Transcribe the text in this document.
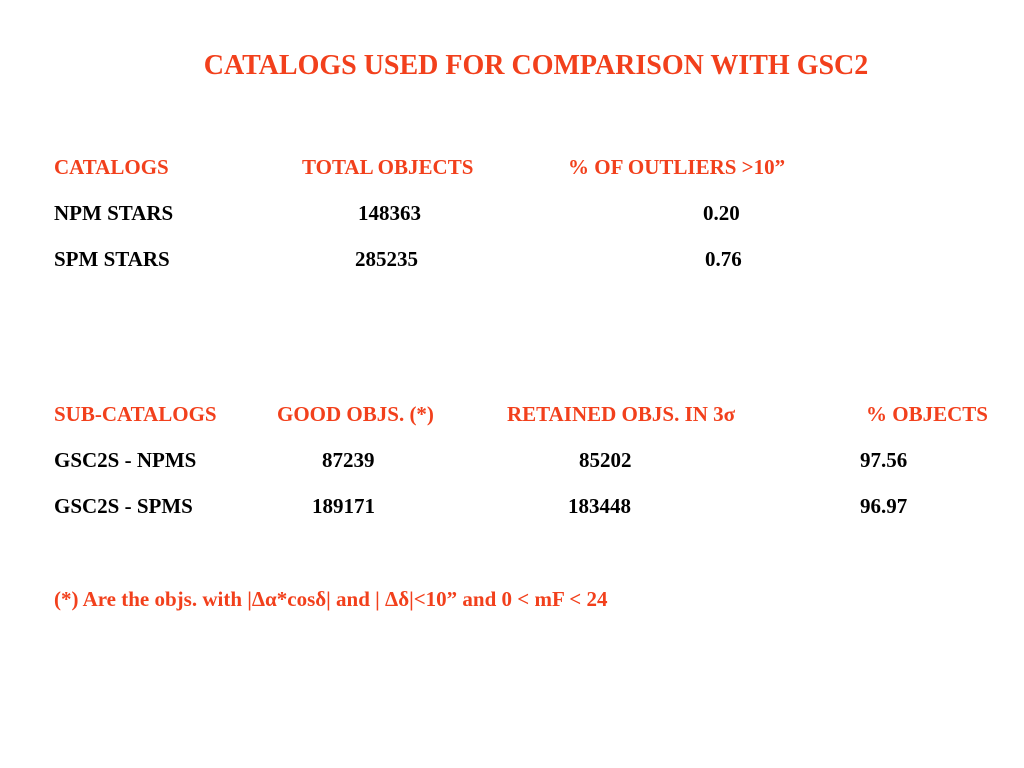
CATALOGS USED FOR COMPARISON WITH GSC2
CATALOGS	TOTAL OBJECTS	% OF OUTLIERS >10”
NPM STARS	148363	0.20
SPM STARS	285235	0.76
SUB-CATALOGS	GOOD OBJS. (*)	RETAINED OBJS. IN 3σ	% OBJECTS
GSC2S - NPMS	87239	85202	97.56
GSC2S - SPMS	189171	183448	96.97
(*) Are the objs. with |Δα*cosδ| and | Δδ|<10” and 0 < mF < 24
